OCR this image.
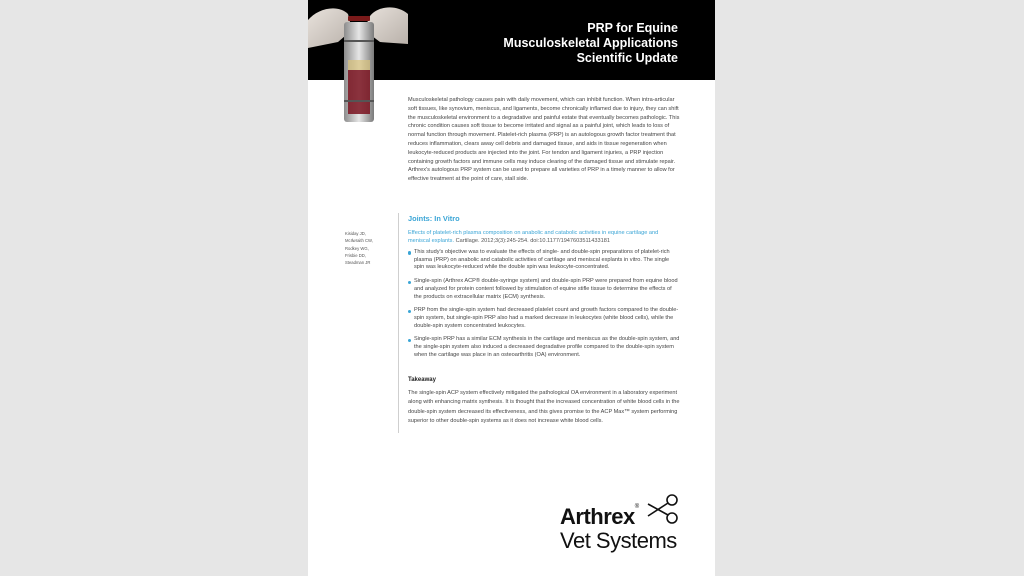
PRP for Equine
Musculoskeletal Applications
Scientific Update
Musculoskeletal pathology causes pain with daily movement, which can inhibit function. When intra-articular soft tissues, like synovium, meniscus, and ligaments, become chronically inflamed due to injury, they can shift the musculoskeletal environment to a degradative and painful estate that eventually becomes pathologic. This chronic condition causes soft tissue to become irritated and signal as a painful joint, which leads to loss of normal function through movement. Platelet-rich plasma (PRP) is an autologous growth factor treatment that reduces inflammation, clears away cell debris and damaged tissue, and aids in tissue regeneration when leukocyte-reduced products are injected into the joint. For tendon and ligament injuries, a PRP injection containing growth factors and immune cells may induce clearing of the damaged tissue and stimulate repair. Arthrex's autologous PRP system can be used to prepare all varieties of PRP in a timely manner to allow for effective treatment at the point of care, stall side.
Kisiday JD,
McIlwraith CW,
Rodkey WG,
Frisbie DD,
Steadman JR
Joints: In Vitro
Effects of platelet-rich plasma composition on anabolic and catabolic activities in equine cartilage and meniscal explants. Cartilage. 2012;3(3):245-254. doi:10.1177/1947603511433181
This study's objective was to evaluate the effects of single- and double-spin preparations of platelet-rich plasma (PRP) on anabolic and catabolic activities of cartilage and meniscal explants in vitro. The single spin was leukocyte-reduced while the double spin was leukocyte-concentrated.
Single-spin (Arthrex ACP® double-syringe system) and double-spin PRP were prepared from equine blood and analyzed for protein content followed by stimulation of equine stifle tissue to determine the effects of the products on extracellular matrix (ECM) synthesis.
PRP from the single-spin system had decreased platelet count and growth factors compared to the double-spin system, but single-spin PRP also had a marked decrease in leukocytes (white blood cells), while the double-spin system concentrated leukocytes.
Single-spin PRP has a similar ECM synthesis in the cartilage and meniscus as the double-spin system, and the single-spin system also induced a decreased degradative profile compared to the double-spin system when the cartilage was place in an osteoarthritis (OA) environment.
Takeaway
The single-spin ACP system effectively mitigated the pathological OA environment in a laboratory experiment along with enhancing matrix synthesis. It is thought that the increased concentration of white blood cells in the double-spin system decreased its effectiveness, and this gives promise to the ACP Max™ system performing superior to other double-spin systems as it does not increase white blood cells.
Arthrex®
Vet Systems
